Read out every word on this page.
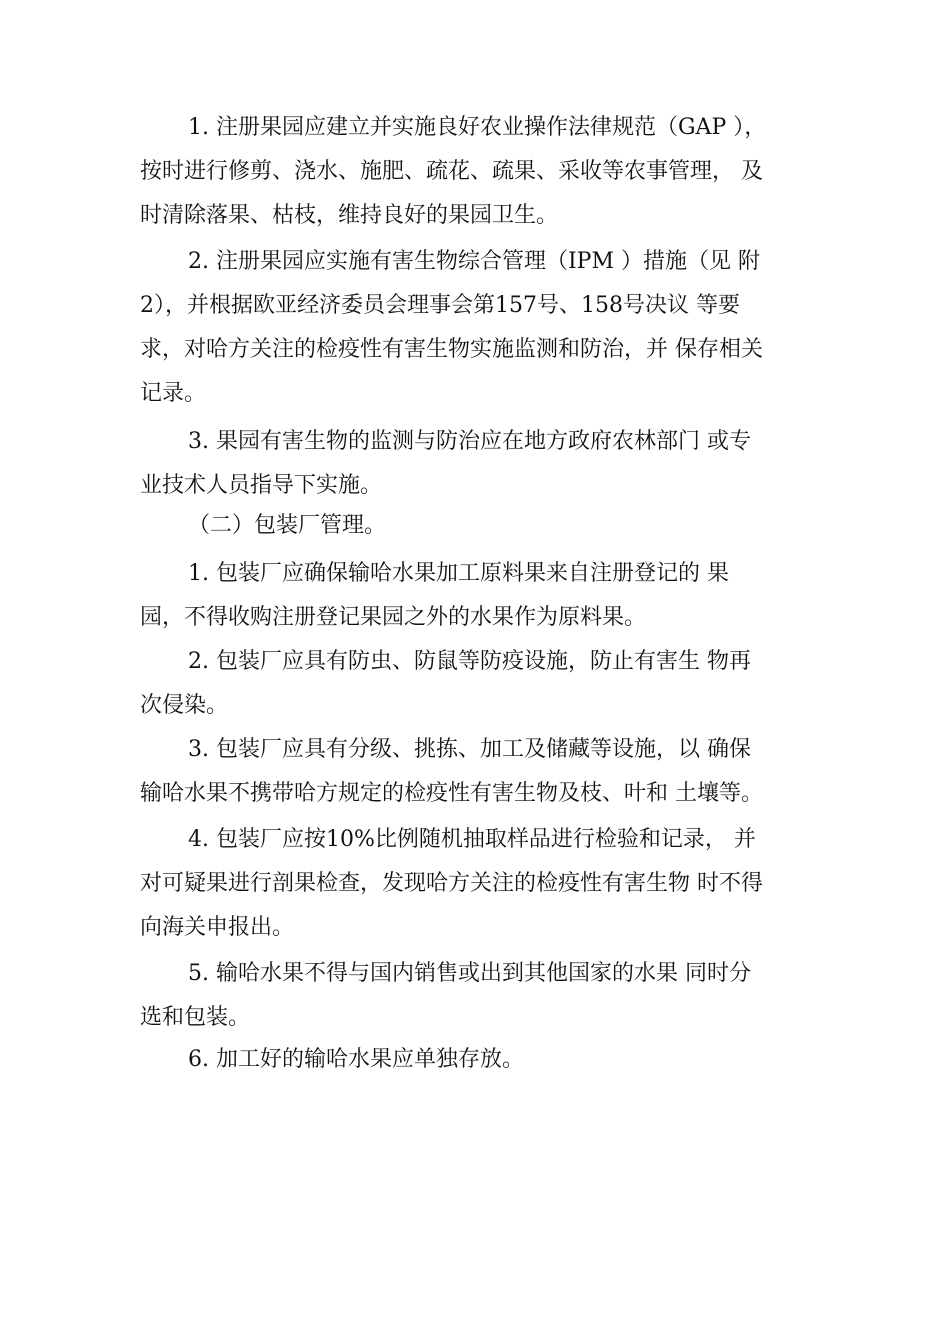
1. 注册果园应建立并实施良好农业操作法律规范（GAP ），
按时进行修剪、浇水、施肥、疏花、疏果、采收等农事管理， 及
时清除落果、枯枝，维持良好的果园卫生。
2. 注册果园应实施有害生物综合管理（IPM ）措施（见 附
2），并根据欧亚经济委员会理事会第157号、158号决议 等要
求，对哈方关注的检疫性有害生物实施监测和防治，并 保存相关
记录。
3. 果园有害生物的监测与防治应在地方政府农林部门 或专
业技术人员指导下实施。
（二）包装厂管理。
1. 包装厂应确保输哈水果加工原料果来自注册登记的 果
园，不得收购注册登记果园之外的水果作为原料果。
2. 包装厂应具有防虫、防鼠等防疫设施，防止有害生 物再
次侵染。
3. 包装厂应具有分级、挑拣、加工及储藏等设施，以 确保
输哈水果不携带哈方规定的检疫性有害生物及枝、叶和 土壤等。
4. 包装厂应按10%比例随机抽取样品进行检验和记录， 并
对可疑果进行剖果检查，发现哈方关注的检疫性有害生物 时不得
向海关申报出。
5. 输哈水果不得与国内销售或出到其他国家的水果 同时分
选和包装。
6. 加工好的输哈水果应单独存放。
